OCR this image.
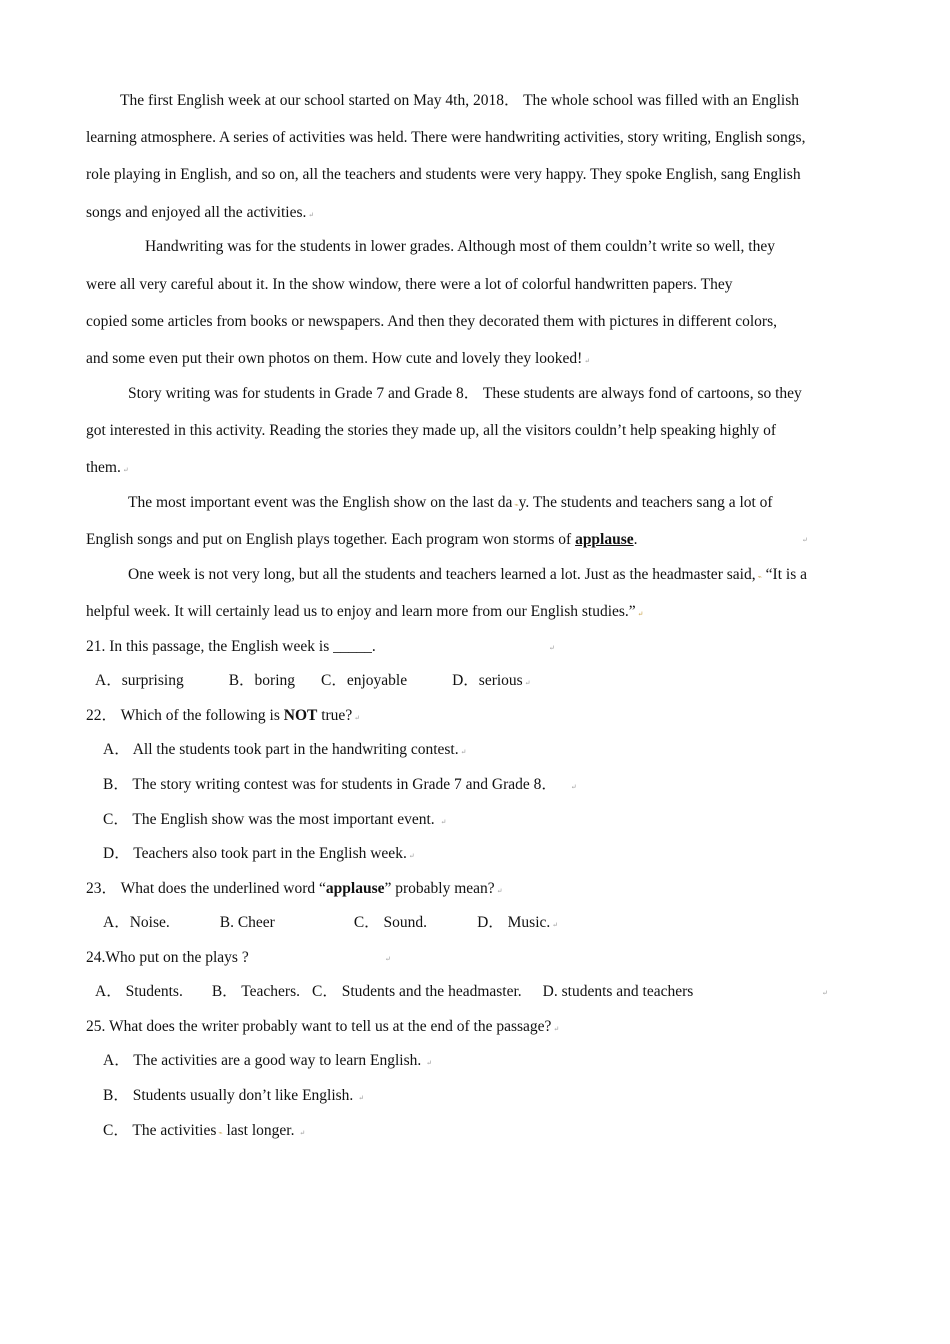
The first English week at our school started on May 4th, 2018． The whole school was filled with an English
learning atmosphere. A series of activities was held. There were handwriting activities, story writing, English songs,
role playing in English, and so on, all the teachers and students were very happy. They spoke English, sang English
songs and enjoyed all the activities. ↵
Handwriting was for the students in lower grades. Although most of them couldn’t write so well, they
were all very careful about it. In the show window, there were a lot of colorful handwritten papers. They
copied some articles from books or newspapers. And then they decorated them with pictures in different colors,
and some even put their own photos on them. How cute and lovely they looked! ↵
Story writing was for students in Grade 7 and Grade 8． These students are always fond of cartoons, so they
got interested in this activity. Reading the stories they made up, all the visitors couldn’t help speaking highly of
them. ↵
The most important event was the English show on the last da ⌁y. The students and teachers sang a lot of
English songs and put on English plays together. Each program won storms of applause.	↵
One week is not very long, but all the students and teachers learned a lot. Just as the headmaster said, ⌁ “It is a
helpful week. It will certainly lead us to enjoy and learn more from our English studies.” ↵
21. In this passage, the English week is _____.	↵
A．surprising	B．boring C．enjoyable	D．serious ↵
22． Which of the following is NOT true? ↵
A． All the students took part in the handwriting contest. ↵
B． The story writing contest was for students in Grade 7 and Grade 8． ↵
C． The English show was the most important event. ↵
D． Teachers also took part in the English week. ↵
23． What does the underlined word “applause” probably mean? ↵
A．Noise.	B. Cheer	C． Sound.	D． Music. ↵
24.Who put on the plays ?	↵
A． Students. B． Teachers. C． Students and the headmaster. D. students and teachers	↵
25. What does the writer probably want to tell us at the end of the passage? ↵
A． The activities are a good way to learn English. ↵
B． Students usually don’t like English. ↵
C． The activities ⌁ last longer. ↵
